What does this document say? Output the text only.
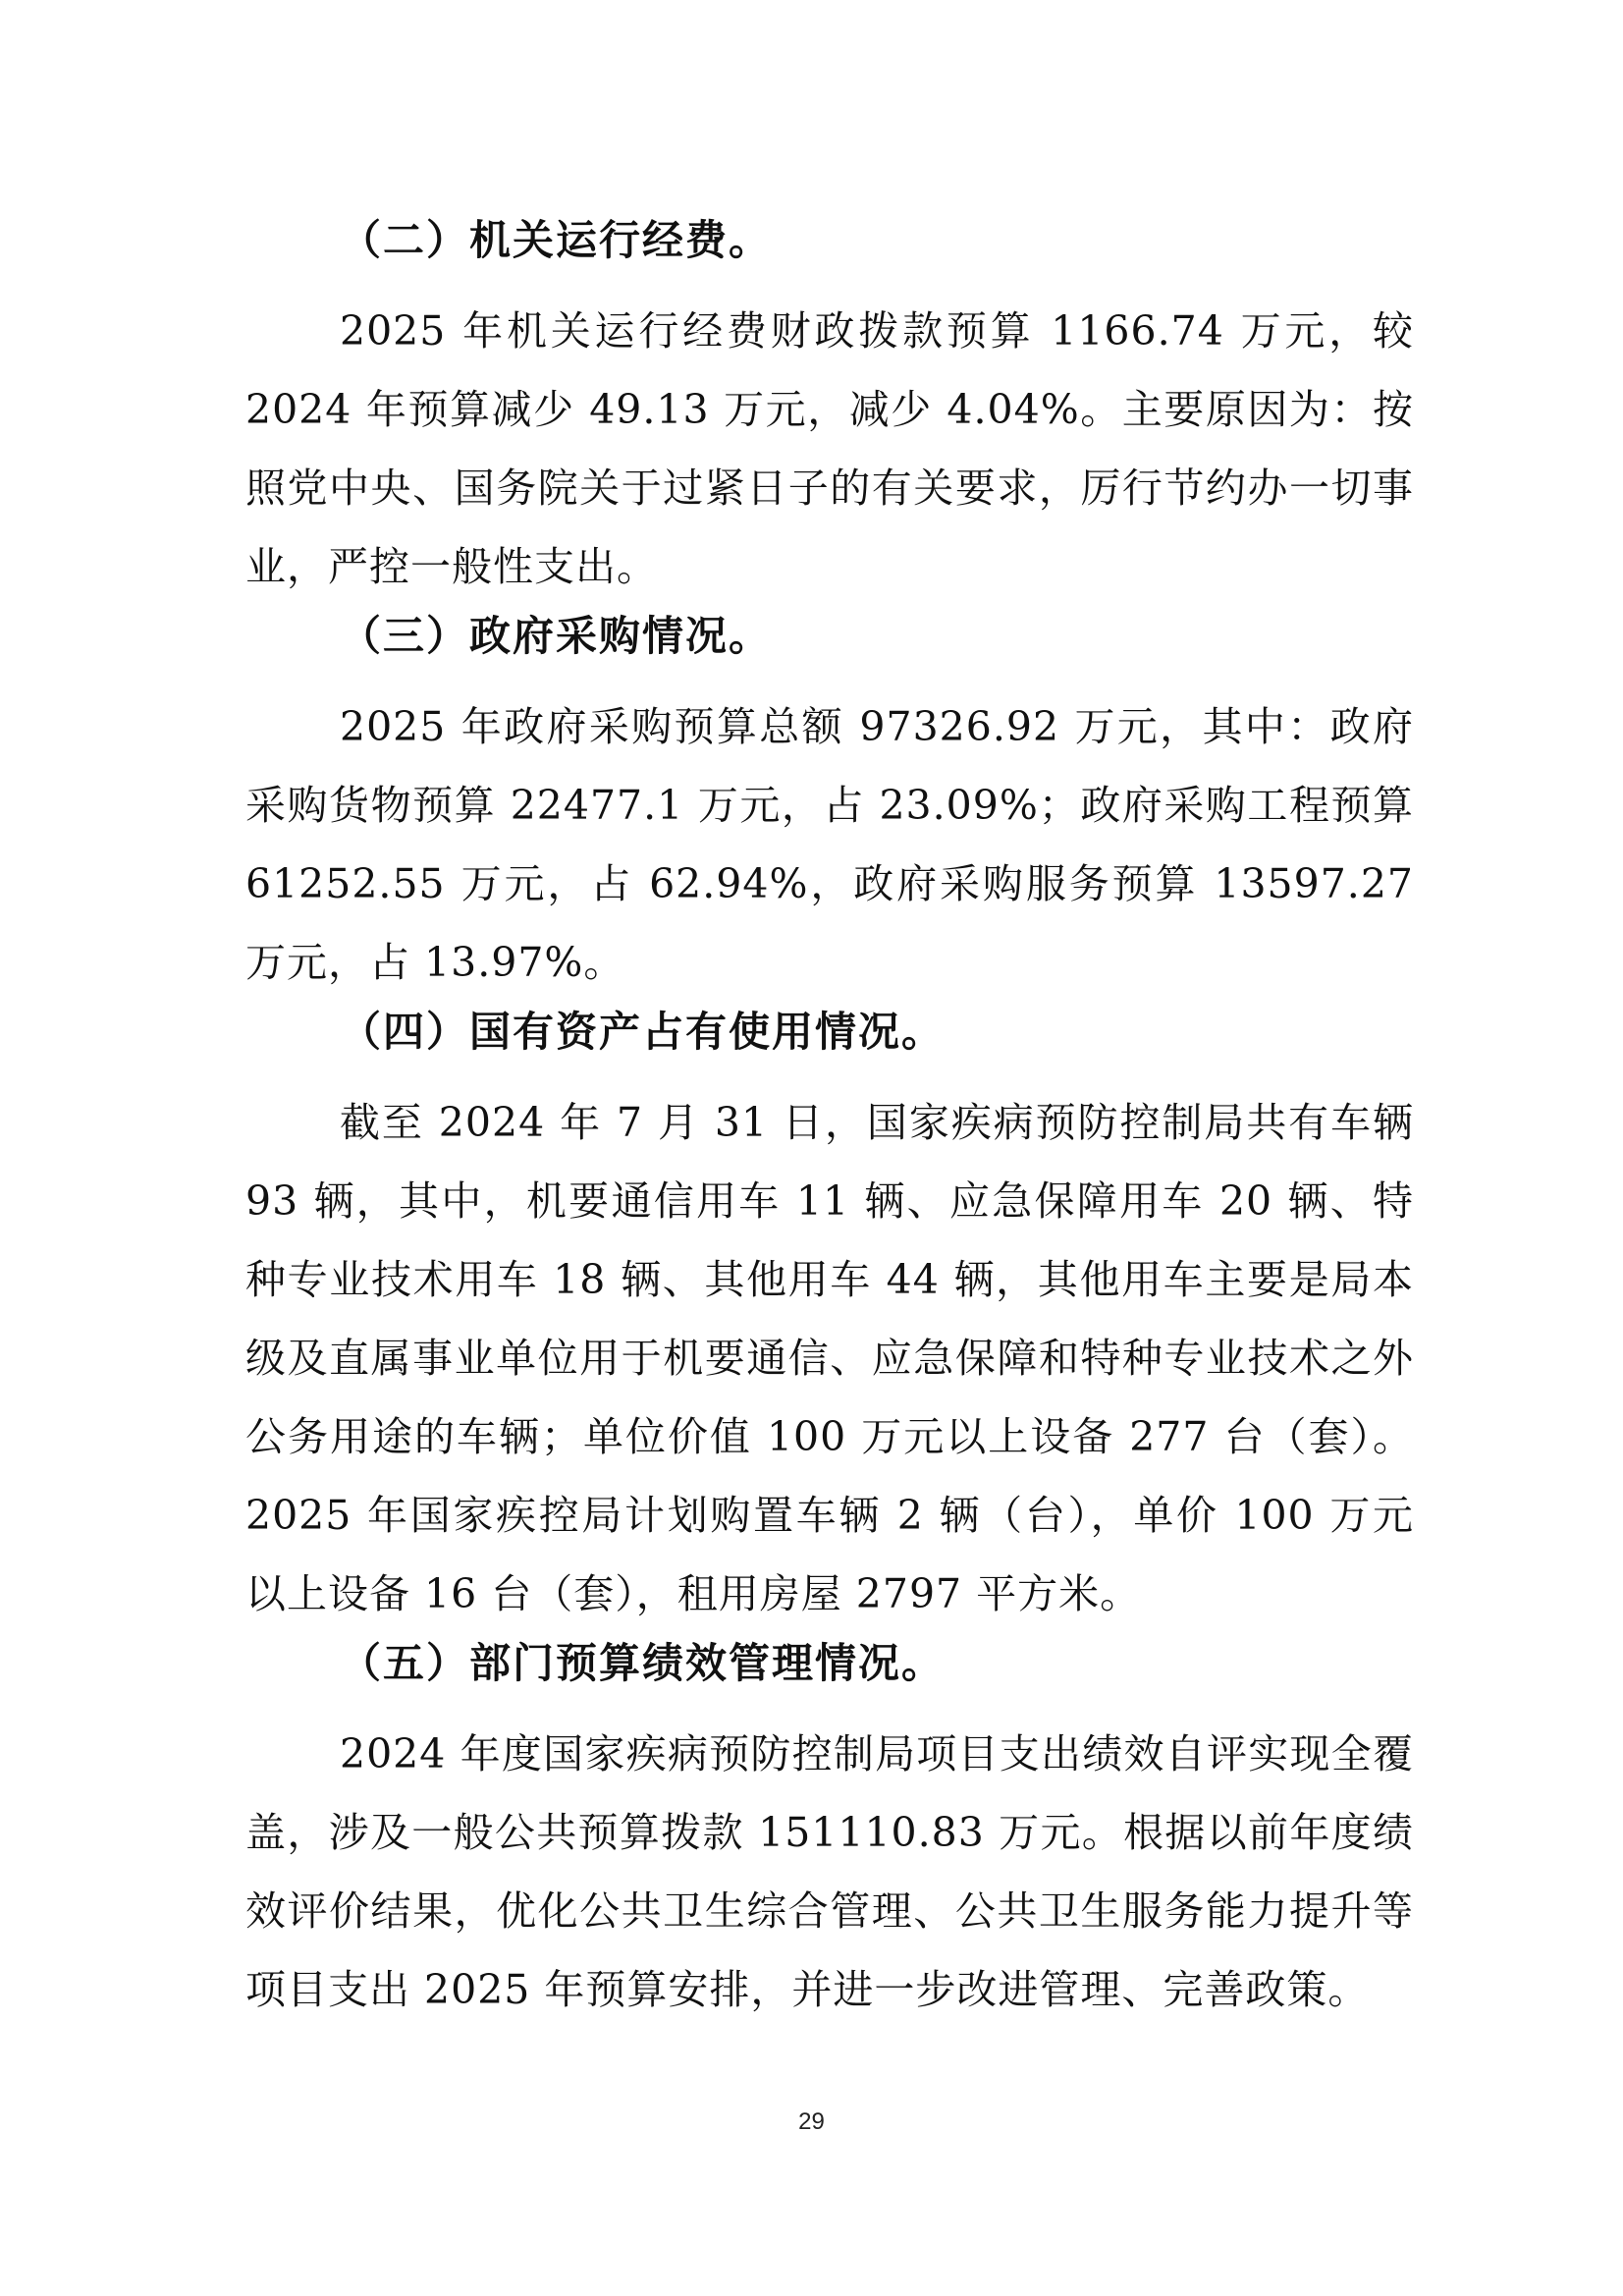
（二）机关运行经费。

2025 年机关运行经费财政拨款预算 1166.74 万元，较 2024 年预算减少 49.13 万元，减少 4.04%。主要原因为：按照党中央、国务院关于过紧日子的有关要求，厉行节约办一切事业，严控一般性支出。

（三）政府采购情况。

2025 年政府采购预算总额 97326.92 万元，其中：政府采购货物预算 22477.1 万元，占 23.09%；政府采购工程预算 61252.55 万元，占 62.94%，政府采购服务预算 13597.27 万元，占 13.97%。

（四）国有资产占有使用情况。

截至 2024 年 7 月 31 日，国家疾病预防控制局共有车辆 93 辆，其中，机要通信用车 11 辆、应急保障用车 20 辆、特种专业技术用车 18 辆、其他用车 44 辆，其他用车主要是局本级及直属事业单位用于机要通信、应急保障和特种专业技术之外公务用途的车辆；单位价值 100 万元以上设备 277 台（套）。2025 年国家疾控局计划购置车辆 2 辆（台），单价 100 万元以上设备 16 台（套），租用房屋 2797 平方米。

（五）部门预算绩效管理情况。

2024 年度国家疾病预防控制局项目支出绩效自评实现全覆盖，涉及一般公共预算拨款 151110.83 万元。根据以前年度绩效评价结果，优化公共卫生综合管理、公共卫生服务能力提升等项目支出 2025 年预算安排，并进一步改进管理、完善政策。

29
